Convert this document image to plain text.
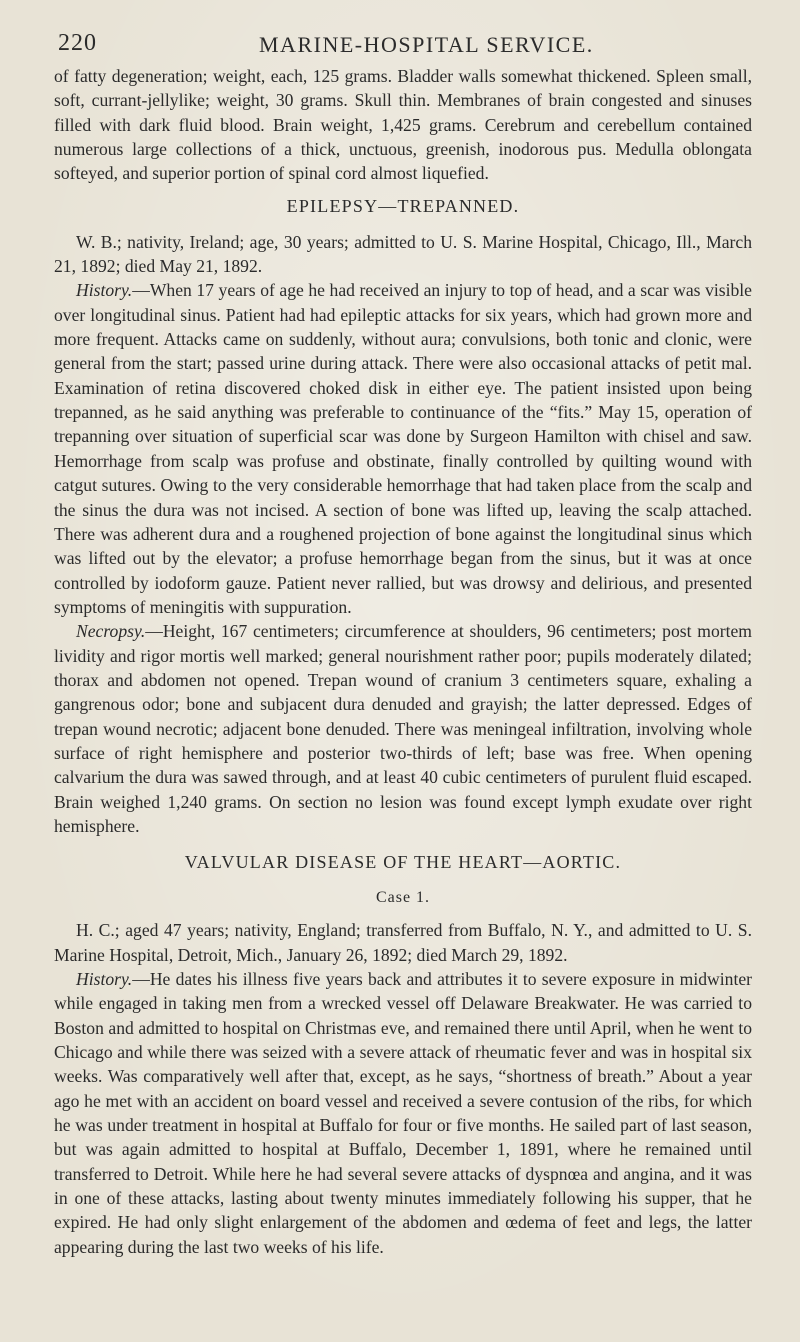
220	MARINE-HOSPITAL SERVICE.

of fatty degeneration; weight, each, 125 grams. Bladder walls somewhat thickened. Spleen small, soft, currant-jellylike; weight, 30 grams. Skull thin. Membranes of brain congested and sinuses filled with dark fluid blood. Brain weight, 1,425 grams. Cerebrum and cerebellum contained numerous large collections of a thick, unctuous, greenish, inodorous pus. Medulla oblongata softeyed, and superior portion of spinal cord almost liquefied.

EPILEPSY—TREPANNED.

W. B.; nativity, Ireland; age, 30 years; admitted to U. S. Marine Hospital, Chicago, Ill., March 21, 1892; died May 21, 1892.

History.—When 17 years of age he had received an injury to top of head, and a scar was visible over longitudinal sinus. Patient had had epileptic attacks for six years, which had grown more and more frequent. Attacks came on suddenly, without aura; convulsions, both tonic and clonic, were general from the start; passed urine during attack. There were also occasional attacks of petit mal. Examination of retina discovered choked disk in either eye. The patient insisted upon being trepanned, as he said anything was preferable to continuance of the “fits.” May 15, operation of trepanning over situation of superficial scar was done by Surgeon Hamilton with chisel and saw. Hemorrhage from scalp was profuse and obstinate, finally controlled by quilting wound with catgut sutures. Owing to the very considerable hemorrhage that had taken place from the scalp and the sinus the dura was not incised. A section of bone was lifted up, leaving the scalp attached. There was adherent dura and a roughened projection of bone against the longitudinal sinus which was lifted out by the elevator; a profuse hemorrhage began from the sinus, but it was at once controlled by iodoform gauze. Patient never rallied, but was drowsy and delirious, and presented symptoms of meningitis with suppuration.

Necropsy.—Height, 167 centimeters; circumference at shoulders, 96 centimeters; post mortem lividity and rigor mortis well marked; general nourishment rather poor; pupils moderately dilated; thorax and abdomen not opened. Trepan wound of cranium 3 centimeters square, exhaling a gangrenous odor; bone and subjacent dura denuded and grayish; the latter depressed. Edges of trepan wound necrotic; adjacent bone denuded. There was meningeal infiltration, involving whole surface of right hemisphere and posterior two-thirds of left; base was free. When opening calvarium the dura was sawed through, and at least 40 cubic centimeters of purulent fluid escaped. Brain weighed 1,240 grams. On section no lesion was found except lymph exudate over right hemisphere.

VALVULAR DISEASE OF THE HEART—AORTIC.
Case 1.

H. C.; aged 47 years; nativity, England; transferred from Buffalo, N. Y., and admitted to U. S. Marine Hospital, Detroit, Mich., January 26, 1892; died March 29, 1892.

History.—He dates his illness five years back and attributes it to severe exposure in midwinter while engaged in taking men from a wrecked vessel off Delaware Breakwater. He was carried to Boston and admitted to hospital on Christmas eve, and remained there until April, when he went to Chicago and while there was seized with a severe attack of rheumatic fever and was in hospital six weeks. Was comparatively well after that, except, as he says, “shortness of breath.” About a year ago he met with an accident on board vessel and received a severe contusion of the ribs, for which he was under treatment in hospital at Buffalo for four or five months. He sailed part of last season, but was again admitted to hospital at Buffalo, December 1, 1891, where he remained until transferred to Detroit. While here he had several severe attacks of dyspnœa and angina, and it was in one of these attacks, lasting about twenty minutes immediately following his supper, that he expired. He had only slight enlargement of the abdomen and œdema of feet and legs, the latter appearing during the last two weeks of his life.
